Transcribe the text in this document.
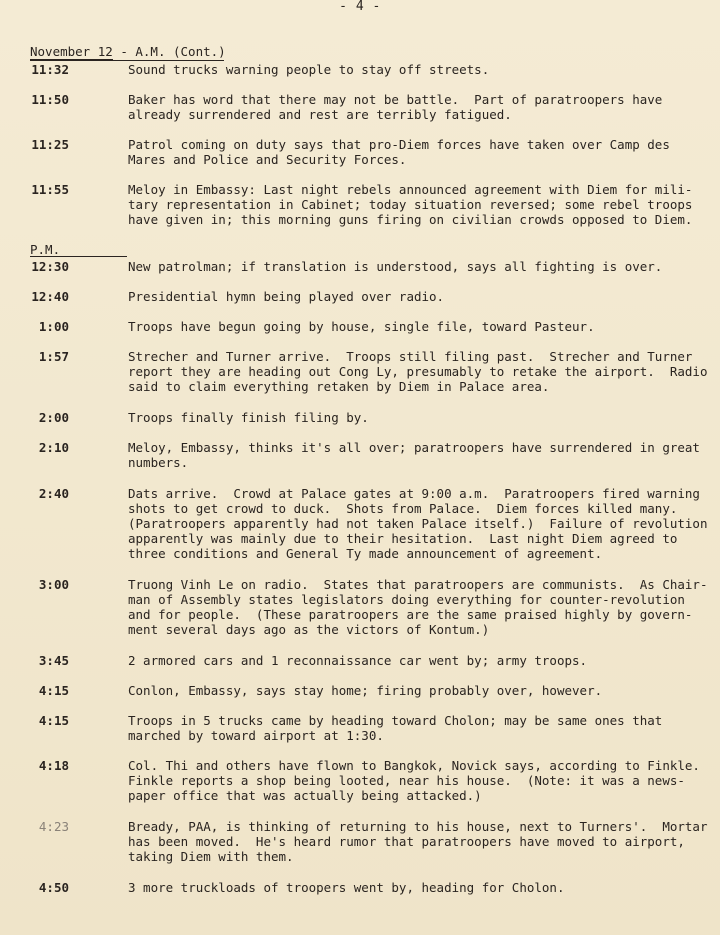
- 4 -
November 12 - A.M. (Cont.)
11:32	Sound trucks warning people to stay off streets.
11:50	Baker has word that there may not be battle.  Part of paratroopers have
already surrendered and rest are terribly fatigued.
11:25	Patrol coming on duty says that pro-Diem forces have taken over Camp des
Mares and Police and Security Forces.
11:55	Meloy in Embassy: Last night rebels announced agreement with Diem for mili-
tary representation in Cabinet; today situation reversed; some rebel troops
have given in; this morning guns firing on civilian crowds opposed to Diem.
P.M.
12:30	New patrolman; if translation is understood, says all fighting is over.
12:40	Presidential hymn being played over radio.
1:00	Troops have begun going by house, single file, toward Pasteur.
1:57	Strecher and Turner arrive.  Troops still filing past.  Strecher and Turner
report they are heading out Cong Ly, presumably to retake the airport.  Radio
said to claim everything retaken by Diem in Palace area.
2:00	Troops finally finish filing by.
2:10	Meloy, Embassy, thinks it's all over; paratroopers have surrendered in great
numbers.
2:40	Dats arrive.  Crowd at Palace gates at 9:00 a.m.  Paratroopers fired warning
shots to get crowd to duck.  Shots from Palace.  Diem forces killed many.
(Paratroopers apparently had not taken Palace itself.)  Failure of revolution
apparently was mainly due to their hesitation.  Last night Diem agreed to
three conditions and General Ty made announcement of agreement.
3:00	Truong Vinh Le on radio.  States that paratroopers are communists.  As Chair-
man of Assembly states legislators doing everything for counter-revolution
and for people.  (These paratroopers are the same praised highly by govern-
ment several days ago as the victors of Kontum.)
3:45	2 armored cars and 1 reconnaissance car went by; army troops.
4:15	Conlon, Embassy, says stay home; firing probably over, however.
4:15	Troops in 5 trucks came by heading toward Cholon; may be same ones that
marched by toward airport at 1:30.
4:18	Col. Thi and others have flown to Bangkok, Novick says, according to Finkle.
Finkle reports a shop being looted, near his house.  (Note: it was a news-
paper office that was actually being attacked.)
4:23	Bready, PAA, is thinking of returning to his house, next to Turners'.  Mortar
has been moved.  He's heard rumor that paratroopers have moved to airport,
taking Diem with them.
4:50	3 more truckloads of troopers went by, heading for Cholon.
